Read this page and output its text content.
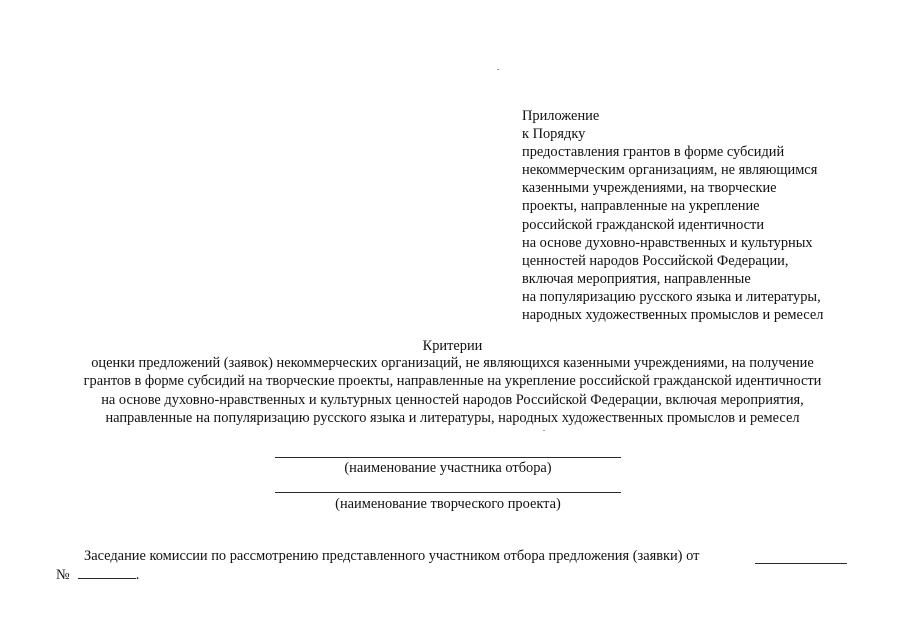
Приложение
к Порядку
предоставления грантов в форме субсидий
некоммерческим организациям, не являющимся
казенными учреждениями, на творческие
проекты, направленные на укрепление
российской гражданской идентичности
на основе духовно-нравственных и культурных
ценностей народов Российской Федерации,
включая мероприятия, направленные
на популяризацию русского языка и литературы,
народных художественных промыслов и ремесел
Критерии
оценки предложений (заявок) некоммерческих организаций, не являющихся казенными учреждениями, на получение
грантов в форме субсидий на творческие проекты, направленные на укрепление российской гражданской идентичности
на основе духовно-нравственных и культурных ценностей народов Российской Федерации, включая мероприятия,
направленные на популяризацию русского языка и литературы, народных художественных промыслов и ремесел
(наименование участника отбора)
(наименование творческого проекта)
Заседание комиссии по рассмотрению представленного участником отбора предложения (заявки) от
№	.
